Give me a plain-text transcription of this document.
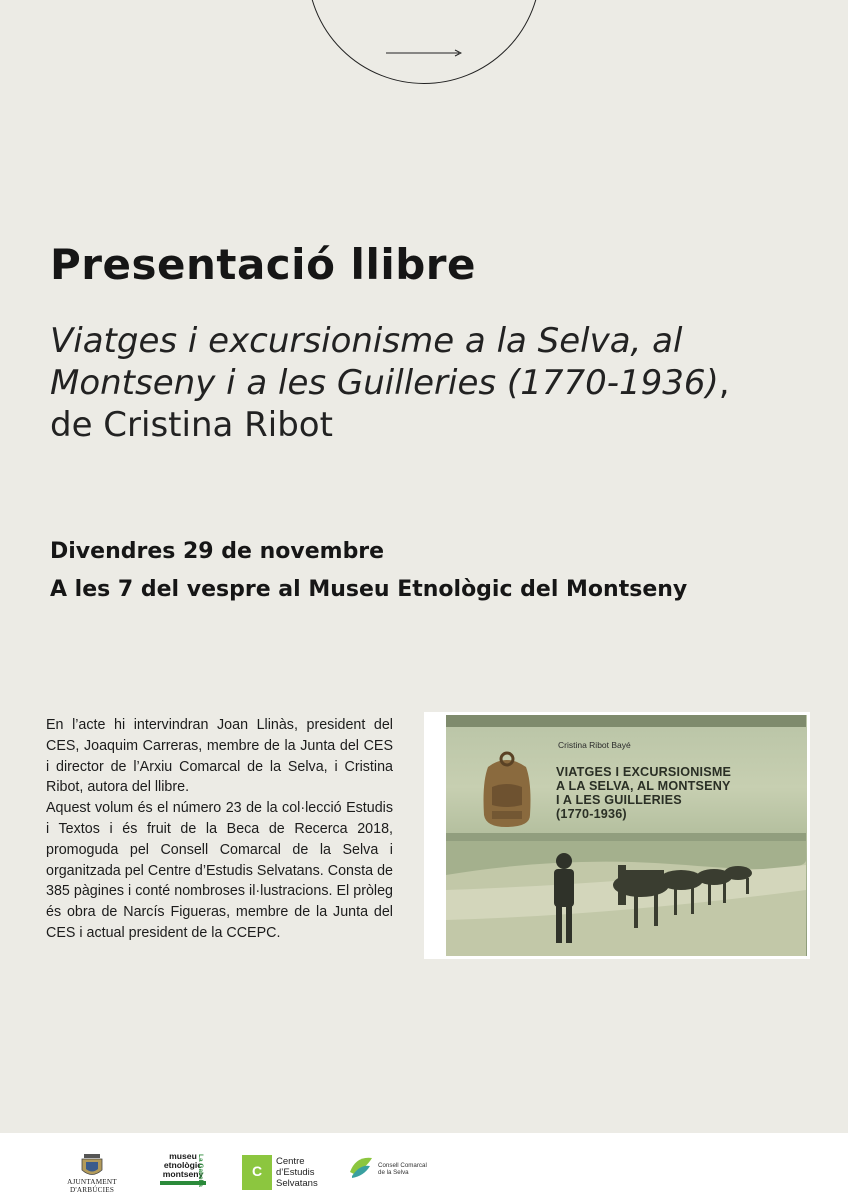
Presentació llibre

Viatges i excursionisme a la Selva, al Montseny i a les Guilleries (1770-1936), de Cristina Ribot

Divendres 29 de novembre
A les 7 del vespre al Museu Etnològic del Montseny

En l’acte hi intervindran Joan Llinàs, president del CES, Joaquim Carreras, membre de la Junta del CES i director de l’Arxiu Comarcal de la Selva, i Cristina Ribot, autora del llibre.

Aquest volum és el número 23 de la col·lecció Estudis i Textos i és fruit de la Beca de Recerca 2018, promoguda pel Consell Comarcal de la Selva i organitzada pel Centre d’Estudis Selvatans. Consta de 385 pàgines i conté nombroses il·lustracions. El pròleg és obra de Narcís Figueras, membre de la Junta del CES i actual president de la CCEPC.

Cristina Ribot Bayé
VIATGES I EXCURSIONISME
A LA SELVA, AL MONTSENY
I A LES GUILLERIES
(1770-1936)
AJUNTAMENT D'ARBÚCIES
museu
etnològic
montseny
La Gabella	C
Centre
d’Estudis
Selvatans
Consell Comarcal
de la Selva
